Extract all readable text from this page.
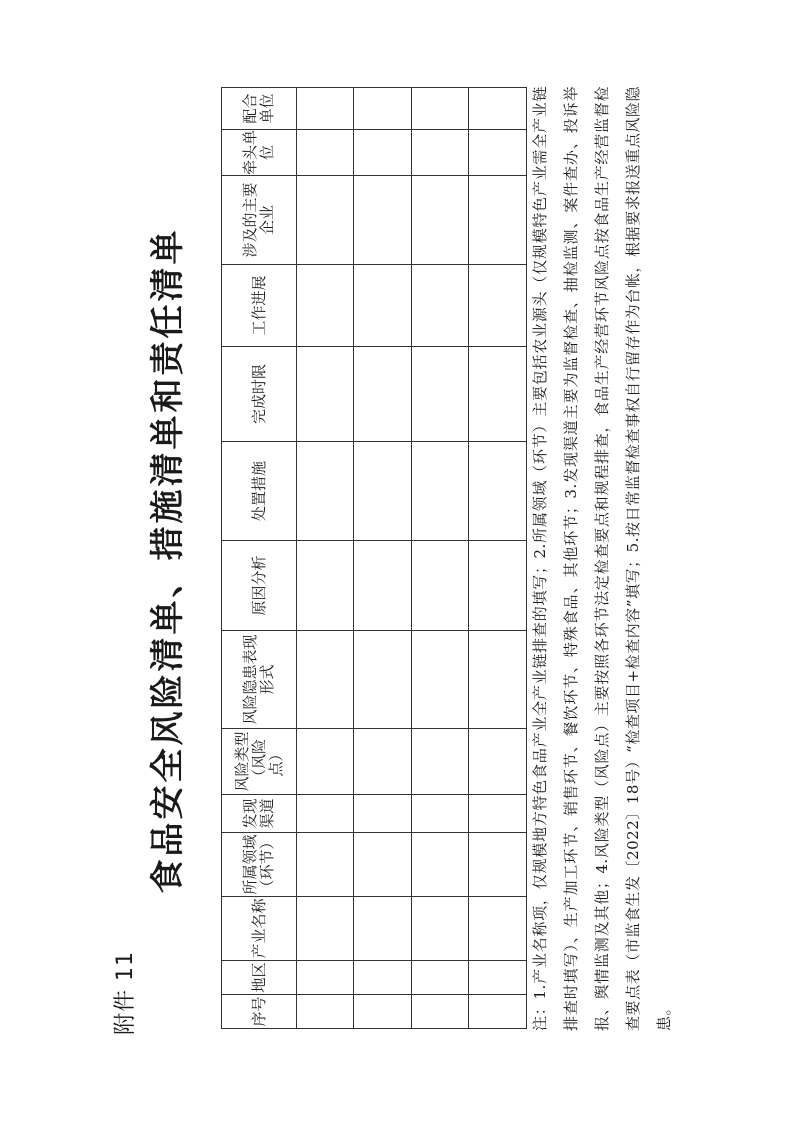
附件 11
食品安全风险清单、措施清单和责任清单
序号	地区	产业名称	所属领域（环节）	发现渠道	风险类型（风险点）	风险隐患表现形式	原因分析	处置措施	完成时限	工作进展	涉及的主要企业	牵头单位	配合单位

														注：1.产业名称项，仅规模地方特色食品产业全产业链排查的填写；2.所属领域（环节）主要包括农业源头（仅规模特色产业需全产业链排查时填写）、生产加工环节、销售环节、餐饮环节、特殊食品、其他环节；3.发现渠道主要为监督检查、抽检监测、案件查办、投诉举报、舆情监测及其他；4.风险类型（风险点）主要按照各环节法定检查要点和规程排查，食品生产经营环节风险点按食品生产经营监督检查要点表（市监食生发〔2022〕18号）“检查项目+检查内容”填写；5.按日常监督检查事权自行留存作为台帐，根据要求报送重点风险隐患。
